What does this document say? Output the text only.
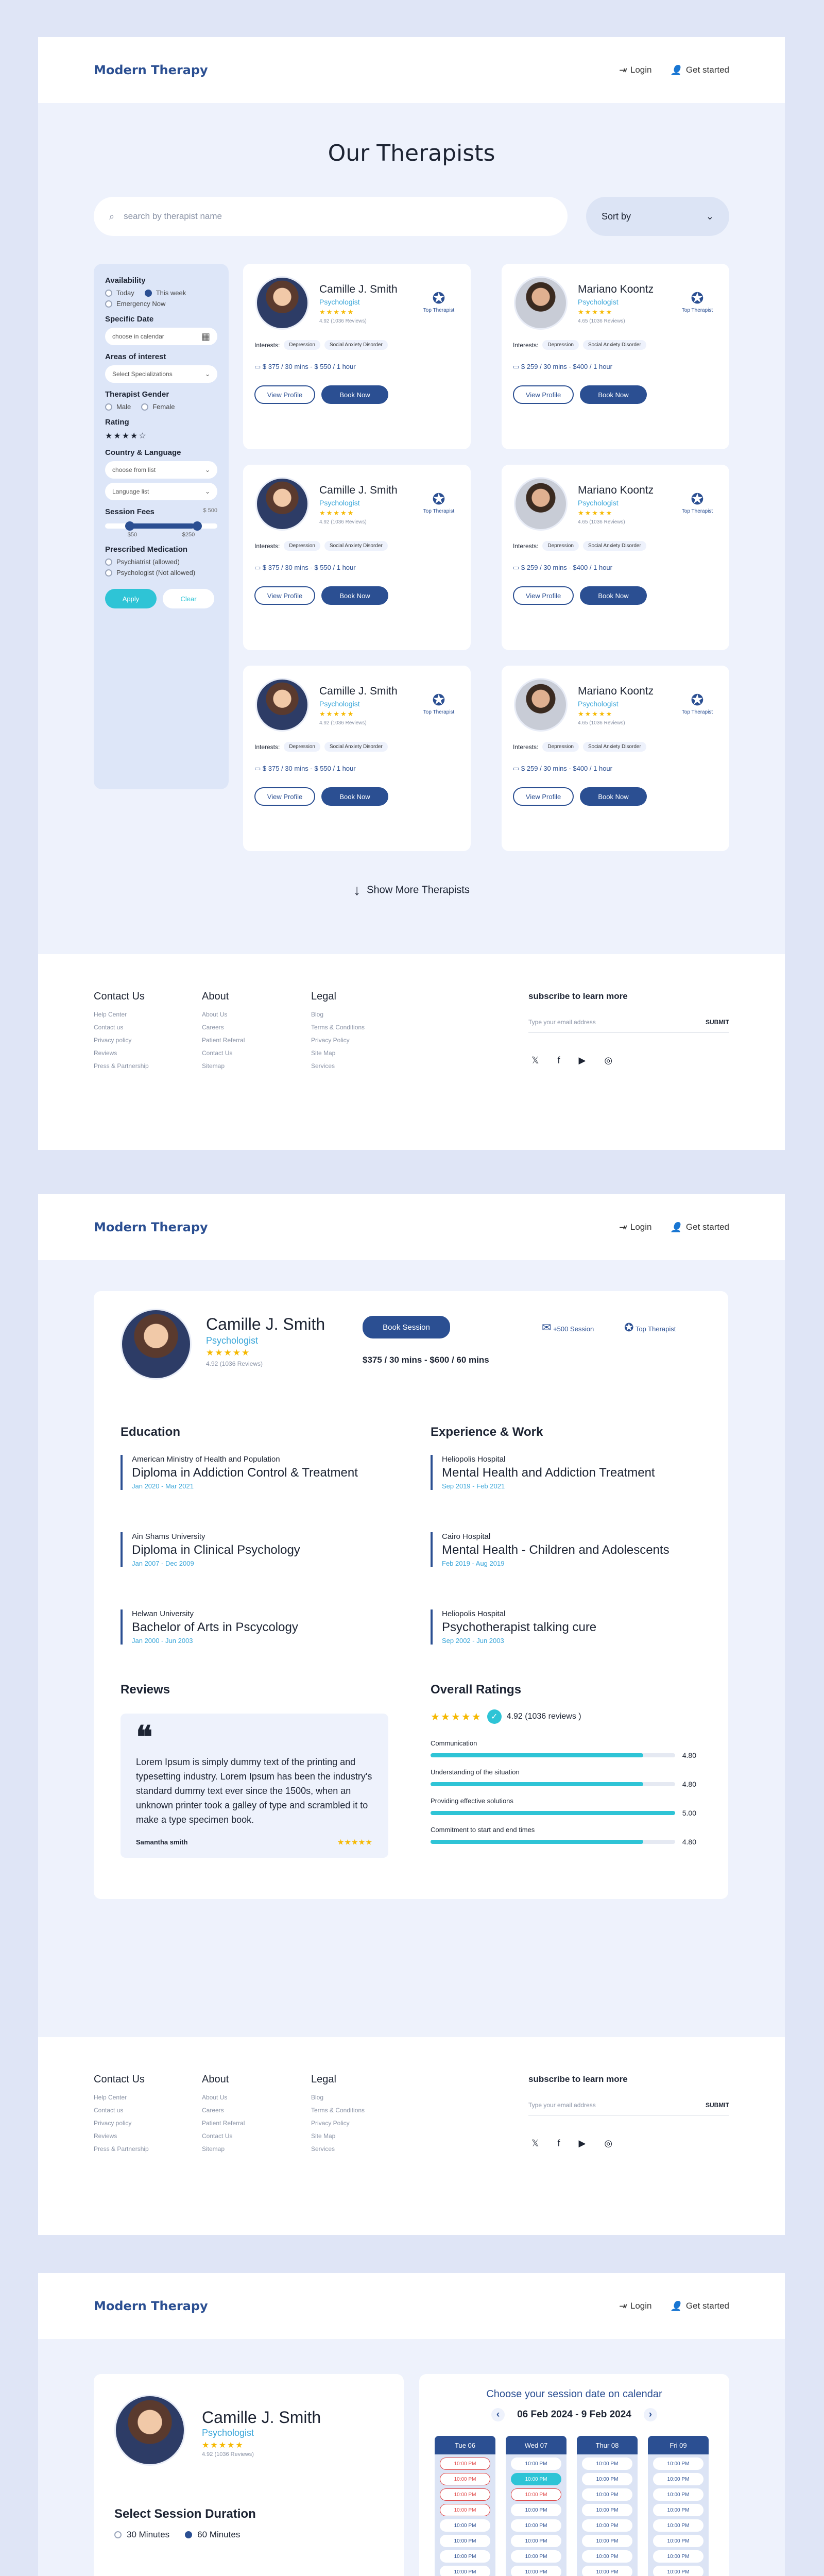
Modern Therapy	⇥ Login 👤 Get started
Our Therapists
⌕ search by therapist name	Sort by	⌄
Availability
Today	This week
Emergency Now
Specific Date
choose in calendar	▦
Areas of interest
Select Specializations	⌄
Therapist Gender
Male	Female
Rating
★★★★☆
Country & Language
choose from list	⌄
Language list	⌄
Session Fees	$ 500
$50	$250
Prescribed Medication
Psychiatrist (allowed)
Psychologist (Not allowed)
Apply	Clear
Camille J. Smith
Psychologist
★★★★★
4.92 (1036 Reviews)
✪
Top Therapist
Interests:	Depression	Social Anxiety Disorder
▭ $ 375 / 30 mins - $ 550 / 1 hour
View Profile	Book Now
Mariano Koontz
Psychologist
★★★★★
4.65 (1036 Reviews)
✪
Top Therapist
Interests:	Depression	Social Anxiety Disorder
▭ $ 259 / 30 mins - $400 / 1 hour
View Profile	Book Now
Camille J. Smith
Psychologist
★★★★★
4.92 (1036 Reviews)
✪
Top Therapist
Interests:	Depression	Social Anxiety Disorder
▭ $ 375 / 30 mins - $ 550 / 1 hour
View Profile	Book Now
Mariano Koontz
Psychologist
★★★★★
4.65 (1036 Reviews)
✪
Top Therapist
Interests:	Depression	Social Anxiety Disorder
▭ $ 259 / 30 mins - $400 / 1 hour
View Profile	Book Now
Camille J. Smith
Psychologist
★★★★★
4.92 (1036 Reviews)
✪
Top Therapist
Interests:	Depression	Social Anxiety Disorder
▭ $ 375 / 30 mins - $ 550 / 1 hour
View Profile	Book Now
Mariano Koontz
Psychologist
★★★★★
4.65 (1036 Reviews)
✪
Top Therapist
Interests:	Depression	Social Anxiety Disorder
▭ $ 259 / 30 mins - $400 / 1 hour
View Profile	Book Now
↓ Show More Therapists
Contact Us
Help Center
Contact us
Privacy policy
Reviews
Press & Partnership
About
About Us
Careers
Patient Referral
Contact Us
Sitemap
Legal
Blog
Terms & Conditions
Privacy Policy
Site Map
Services
subscribe to learn more
Type your email address	SUBMIT
𝕏 f ▶ ◎
Modern Therapy	⇥ Login 👤 Get started
Camille J. Smith
Psychologist
★★★★★
4.92 (1036 Reviews)
Book Session
$375 / 30 mins - $600 / 60 mins
✉ +500 Session	✪ Top Therapist
Education	Experience & Work
American Ministry of Health and Population
Diploma in Addiction Control & Treatment
Jan 2020 - Mar 2021
Ain Shams University
Diploma in Clinical Psychology
Jan 2007 - Dec 2009
Helwan University
Bachelor of Arts in Pscycology
Jan 2000 - Jun 2003
Heliopolis Hospital
Mental Health and Addiction Treatment
Sep 2019 - Feb 2021
Cairo Hospital
Mental Health - Children and Adolescents
Feb 2019 - Aug 2019
Heliopolis Hospital
Psychotherapist talking cure
Sep 2002 - Jun 2003
Reviews
❝
Lorem Ipsum is simply dummy text of the printing and typesetting industry. Lorem Ipsum has been the industry's standard dummy text ever since the 1500s, when an unknown printer took a galley of type and scrambled it to make a type specimen book.
Samantha smith	★★★★★
Overall Ratings
★★★★★	✓	4.92 (1036 reviews )
Communication
4.80
Understanding of the situation
4.80
Providing effective solutions
5.00
Commitment to start and end times
4.80
Contact Us
Help Center
Contact us
Privacy policy
Reviews
Press & Partnership
About
About Us
Careers
Patient Referral
Contact Us
Sitemap
Legal
Blog
Terms & Conditions
Privacy Policy
Site Map
Services
subscribe to learn more
Type your email address	SUBMIT
𝕏 f ▶ ◎
Modern Therapy	⇥ Login 👤 Get started
Camille J. Smith
Psychologist
★★★★★
4.92 (1036 Reviews)
Select Session Duration
30 Minutes	60 Minutes
Choose your session date on calendar
‹	06 Feb 2024 - 9 Feb 2024	›
Tue 06
10:00 PM
10:00 PM
10:00 PM
10:00 PM
10:00 PM
10:00 PM
10:00 PM
10:00 PM
Wed 07
10:00 PM
10:00 PM
10:00 PM
10:00 PM
10:00 PM
10:00 PM
10:00 PM
10:00 PM
Thur 08
10:00 PM
10:00 PM
10:00 PM
10:00 PM
10:00 PM
10:00 PM
10:00 PM
10:00 PM
Fri 09
10:00 PM
10:00 PM
10:00 PM
10:00 PM
10:00 PM
10:00 PM
10:00 PM
10:00 PM
